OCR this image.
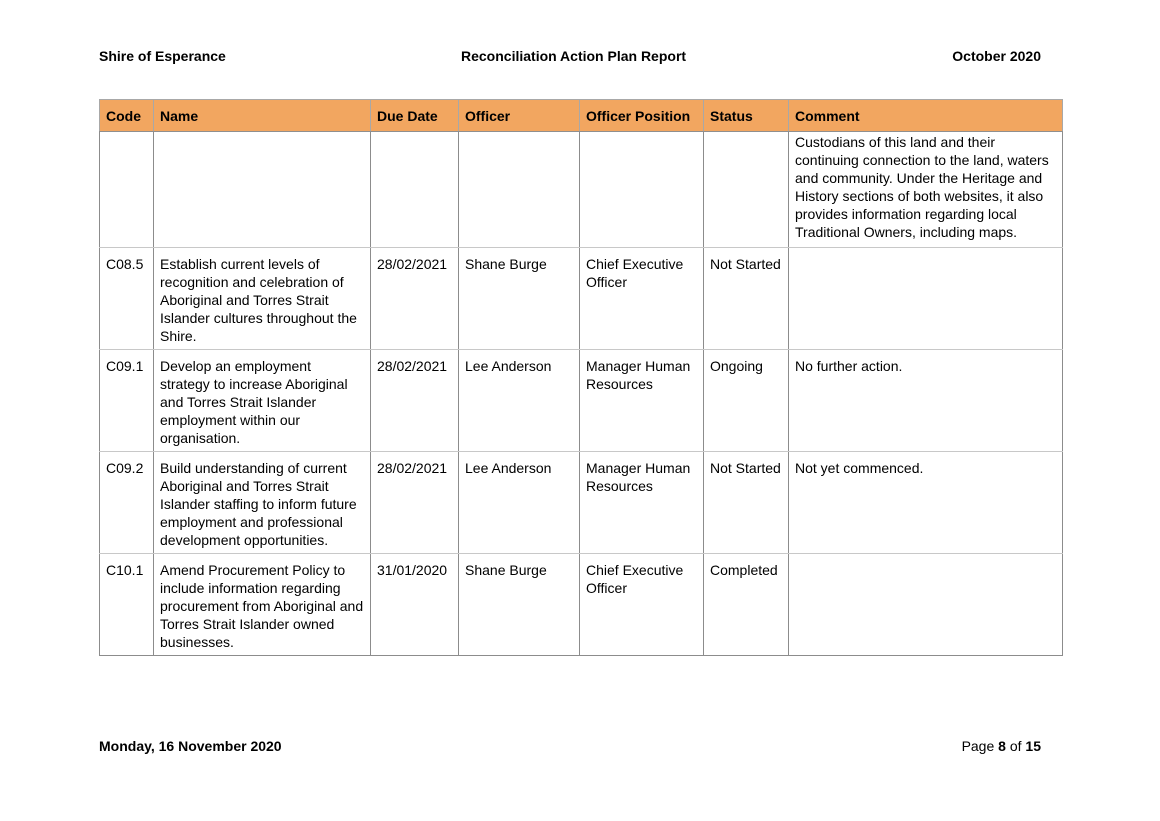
Shire of Esperance	Reconciliation Action Plan Report	October 2020
Code	Name	Due Date	Officer	Officer Position	Status	Comment
						Custodians of this land and their continuing connection to the land, waters and community. Under the Heritage and History sections of both websites, it also provides information regarding local Traditional Owners, including maps.
C08.5	Establish current levels of recognition and celebration of Aboriginal and Torres Strait Islander cultures throughout the Shire.	28/02/2021	Shane Burge	Chief Executive Officer	Not Started	
C09.1	Develop an employment strategy to increase Aboriginal and Torres Strait Islander employment within our organisation.	28/02/2021	Lee Anderson	Manager Human Resources	Ongoing	No further action.
C09.2	Build understanding of current Aboriginal and Torres Strait Islander staffing to inform future employment and professional development opportunities.	28/02/2021	Lee Anderson	Manager Human Resources	Not Started	Not yet commenced.
C10.1	Amend Procurement Policy to include information regarding procurement from Aboriginal and Torres Strait Islander owned businesses.	31/01/2020	Shane Burge	Chief Executive Officer	Completed	
Monday, 16 November 2020	Page 8 of 15
